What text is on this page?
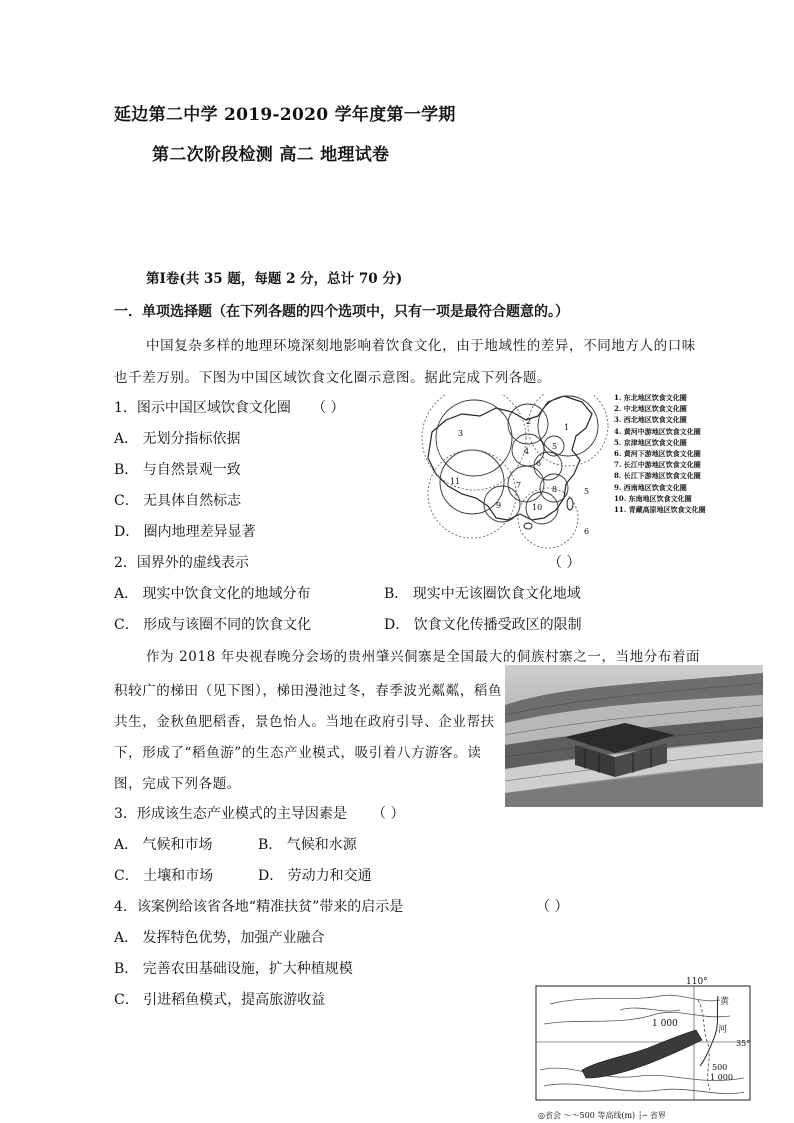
延边第二中学 2019-2020 学年度第一学期
第二次阶段检测 高二 地理试卷
第Ⅰ卷(共 35 题，每题 2 分，总计 70 分)
一．单项选择题（在下列各题的四个选项中，只有一项是最符合题意的。）
中国复杂多样的地理环境深刻地影响着饮食文化，由于地域性的差异，不同地方人的口味
也千差万别。下图为中国区域饮食文化圈示意图。据此完成下列各题。
1．图示中国区域饮食文化圈 （ ）
A． 无划分指标依据
B． 与自然景观一致
C． 无具体自然标志
D． 圈内地理差异显著
1
2
3
4
5
6
7	8
9	10
11
5
6
1. 东北地区饮食文化圈
2. 中北地区饮食文化圈
3. 西北地区饮食文化圈
4. 黄河中游地区饮食文化圈
5. 京津地区饮食文化圈
6. 黄河下游地区饮食文化圈
7. 长江中游地区饮食文化圈
8. 长江下游地区饮食文化圈
9. 西南地区饮食文化圈
10. 东南地区饮食文化圈
11. 青藏高原地区饮食文化圈
2．国界外的虚线表示	（ ）
A． 现实中饮食文化的地域分布	B． 现实中无该圈饮食文化地域
C． 形成与该圈不同的饮食文化	D． 饮食文化传播受政区的限制
作为 2018 年央视春晚分会场的贵州肇兴侗寨是全国最大的侗族村寨之一，当地分布着面
积较广的梯田（见下图），梯田漫池过冬，春季波光粼粼，稻鱼
共生，金秋鱼肥稻香，景色怡人。当地在政府引导、企业帮扶
下，形成了“稻鱼游”的生态产业模式，吸引着八方游客。读
图，完成下列各题。
3．形成该生态产业模式的主导因素是 （ ）
A． 气候和市场	B． 气候和水源
C． 土壤和市场	D． 劳动力和交通
4．该案例给该省各地“精准扶贫”带来的启示是	（ ）
A． 发挥特色优势，加强产业融合
B． 完善农田基础设施，扩大种植规模
C． 引进稻鱼模式，提高旅游收益
110°
35°
黄
河
1 000
500
1 000
◎省会 ～～500 等高线(m) ┆╌ 省界
